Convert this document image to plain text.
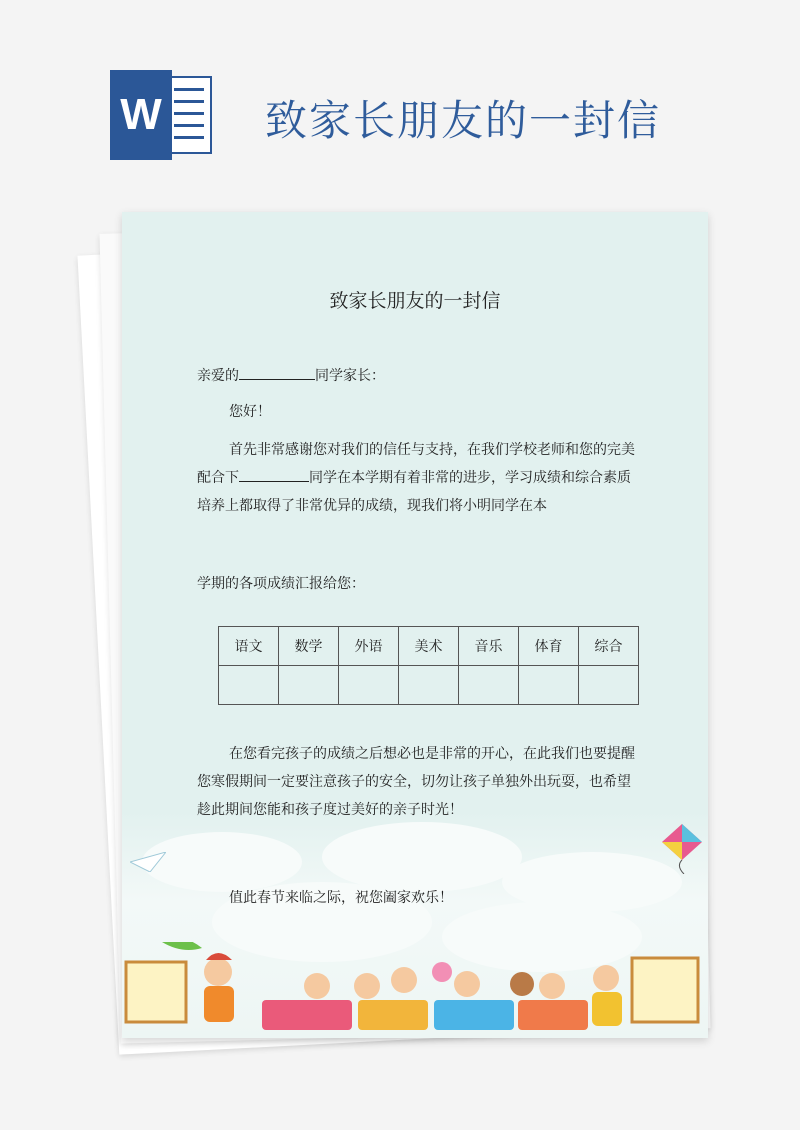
W 致家长朋友的一封信
致家长朋友的一封信
亲爱的	同学家长：
您好！
首先非常感谢您对我们的信任与支持，在我们学校老师和您的完美配合下	同学在本学期有着非常的进步，学习成绩和综合素质培养上都取得了非常优异的成绩，现我们将小明同学在本
学期的各项成绩汇报给您：
语文	数学	外语	美术	音乐	体育	综合

在您看完孩子的成绩之后想必也是非常的开心，在此我们也要提醒您寒假期间一定要注意孩子的安全，切勿让孩子单独外出玩耍，也希望趁此期间您能和孩子度过美好的亲子时光！
值此春节来临之际，祝您阖家欢乐！
